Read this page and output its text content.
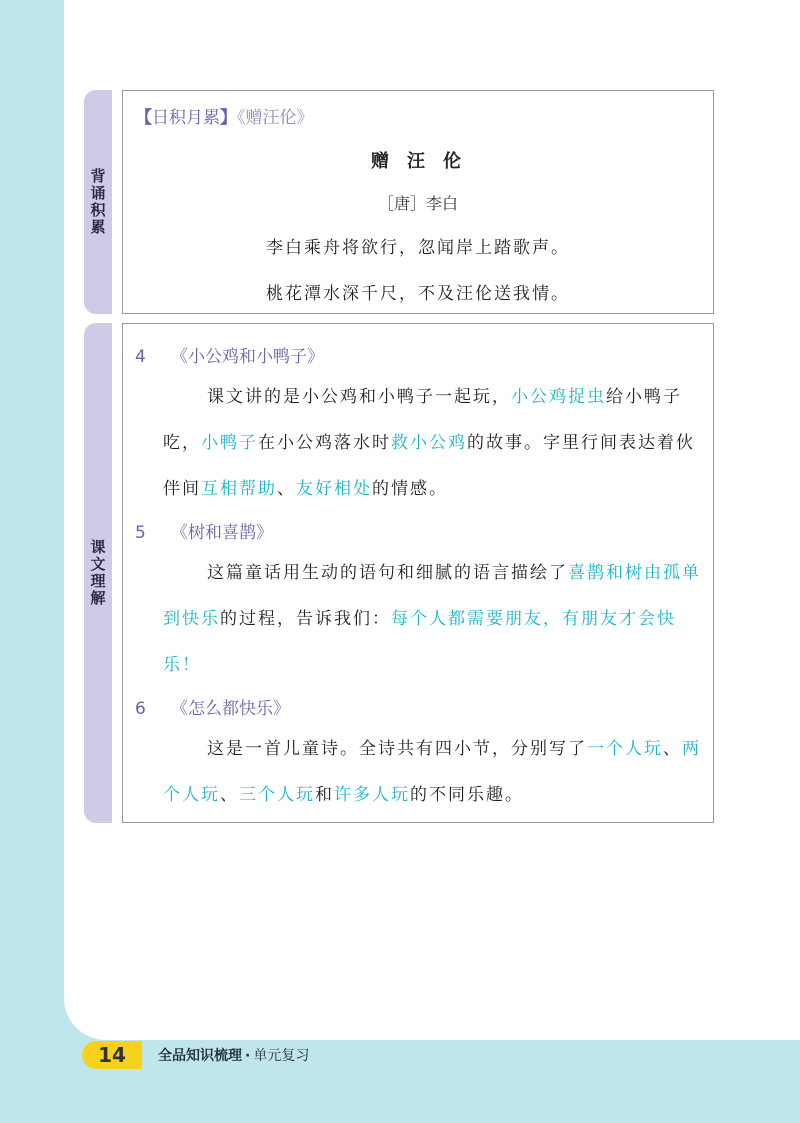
背诵积累
课文理解
【日积月累】《赠汪伦》
赠汪伦
［唐］李白
李白乘舟将欲行，忽闻岸上踏歌声。
桃花潭水深千尺，不及汪伦送我情。
4 《小公鸡和小鸭子》
课文讲的是小公鸡和小鸭子一起玩，小公鸡捉虫给小鸭子吃，小鸭子在小公鸡落水时救小公鸡的故事。字里行间表达着伙伴间互相帮助、友好相处的情感。
5 《树和喜鹊》
这篇童话用生动的语句和细腻的语言描绘了喜鹊和树由孤单到快乐的过程，告诉我们：每个人都需要朋友，有朋友才会快乐！
6 《怎么都快乐》
这是一首儿童诗。全诗共有四小节，分别写了一个人玩、两个人玩、三个人玩和许多人玩的不同乐趣。
14	全品知识梳理 · 单元复习
